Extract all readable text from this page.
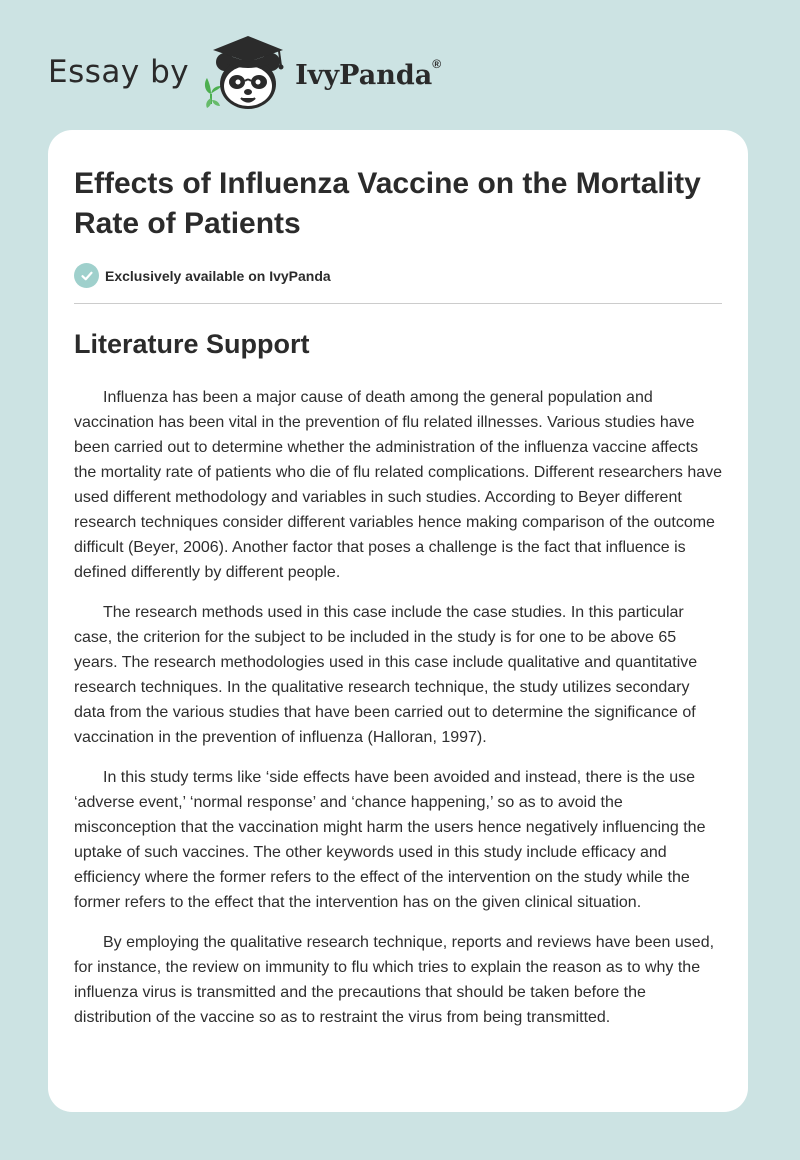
Essay by	IvyPanda®
Effects of Influenza Vaccine on the Mortality Rate of Patients
Exclusively available on IvyPanda
Literature Support

Influenza has been a major cause of death among the general population and vaccination has been vital in the prevention of flu related illnesses. Various studies have been carried out to determine whether the administration of the influenza vaccine affects the mortality rate of patients who die of flu related complications. Different researchers have used different methodology and variables in such studies. According to Beyer different research techniques consider different variables hence making comparison of the outcome difficult (Beyer, 2006). Another factor that poses a challenge is the fact that influence is defined differently by different people.

The research methods used in this case include the case studies. In this particular case, the criterion for the subject to be included in the study is for one to be above 65 years. The research methodologies used in this case include qualitative and quantitative research techniques. In the qualitative research technique, the study utilizes secondary data from the various studies that have been carried out to determine the significance of vaccination in the prevention of influenza (Halloran, 1997).

In this study terms like ‘side effects have been avoided and instead, there is the use ‘adverse event,’ ‘normal response’ and ‘chance happening,’ so as to avoid the misconception that the vaccination might harm the users hence negatively influencing the uptake of such vaccines. The other keywords used in this study include efficacy and efficiency where the former refers to the effect of the intervention on the study while the former refers to the effect that the intervention has on the given clinical situation.

By employing the qualitative research technique, reports and reviews have been used, for instance, the review on immunity to flu which tries to explain the reason as to why the influenza virus is transmitted and the precautions that should be taken before the distribution of the vaccine so as to restraint the virus from being transmitted.
